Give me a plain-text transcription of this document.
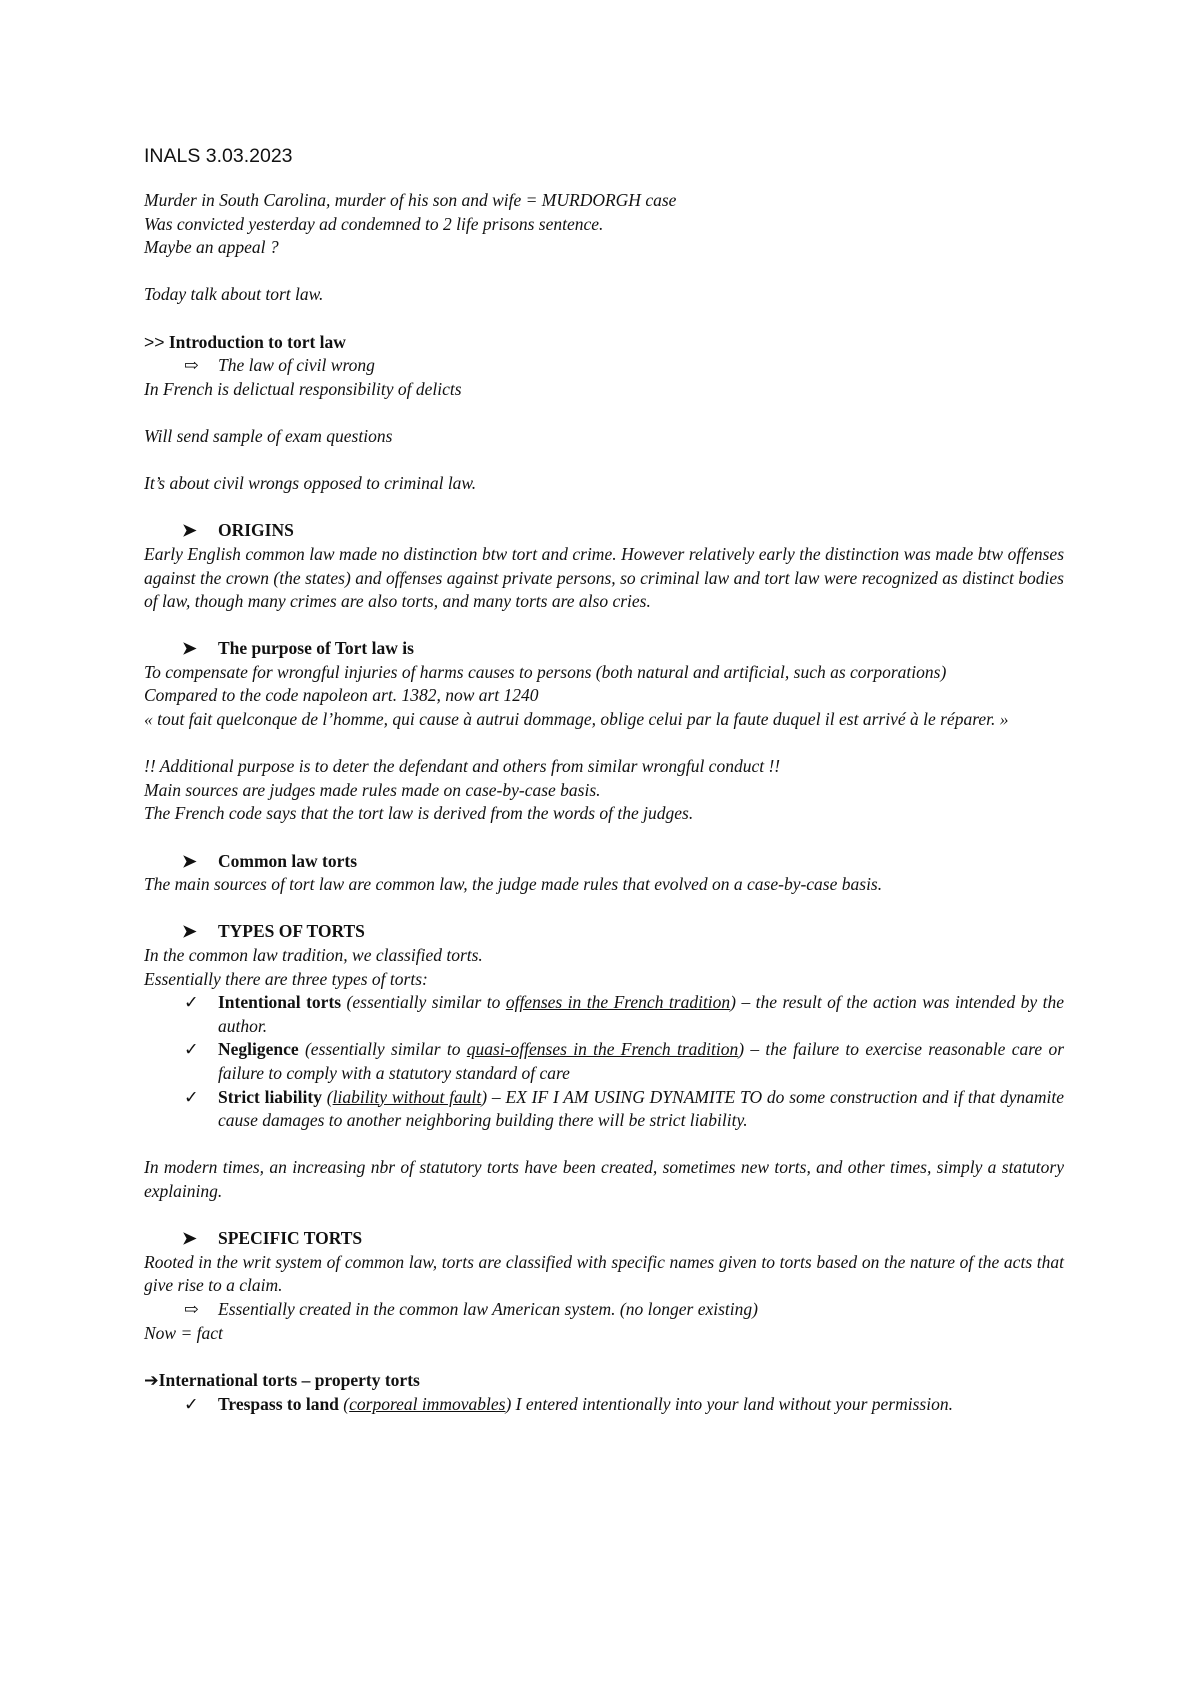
INALS 3.03.2023

Murder in South Carolina, murder of his son and wife = MURDORGH case

Was convicted yesterday ad condemned to 2 life prisons sentence.

Maybe an appeal ?

Today talk about tort law.

>> Introduction to tort law

⇨ The law of civil wrong

In French is delictual responsibility of delicts

Will send sample of exam questions

It’s about civil wrongs opposed to criminal law.

➤ ORIGINS

Early English common law made no distinction btw tort and crime. However relatively early the distinction was made btw offenses against the crown (the states) and offenses against private persons, so criminal law and tort law were recognized as distinct bodies of law, though many crimes are also torts, and many torts are also cries.

➤ The purpose of Tort law is

To compensate for wrongful injuries of harms causes to persons (both natural and artificial, such as corporations)

Compared to the code napoleon art. 1382, now art 1240

« tout fait quelconque de l’homme, qui cause à autrui dommage, oblige celui par la faute duquel il est arrivé à le réparer. »

!! Additional purpose is to deter the defendant and others from similar wrongful conduct !!

Main sources are judges made rules made on case-by-case basis.

The French code says that the tort law is derived from the words of the judges.

➤ Common law torts

The main sources of tort law are common law, the judge made rules that evolved on a case-by-case basis.

➤ TYPES OF TORTS

In the common law tradition, we classified torts.

Essentially there are three types of torts:

✓ Intentional torts (essentially similar to offenses in the French tradition) – the result of the action was intended by the author.

✓ Negligence (essentially similar to quasi-offenses in the French tradition) – the failure to exercise reasonable care or failure to comply with a statutory standard of care

✓ Strict liability (liability without fault) – EX IF I AM USING DYNAMITE TO do some construction and if that dynamite cause damages to another neighboring building there will be strict liability.

In modern times, an increasing nbr of statutory torts have been created, sometimes new torts, and other times, simply a statutory explaining.

➤ SPECIFIC TORTS

Rooted in the writ system of common law, torts are classified with specific names given to torts based on the nature of the acts that give rise to a claim.

⇨ Essentially created in the common law American system. (no longer existing)

Now = fact

➔International torts – property torts

✓ Trespass to land (corporeal immovables) I entered intentionally into your land without your permission.
